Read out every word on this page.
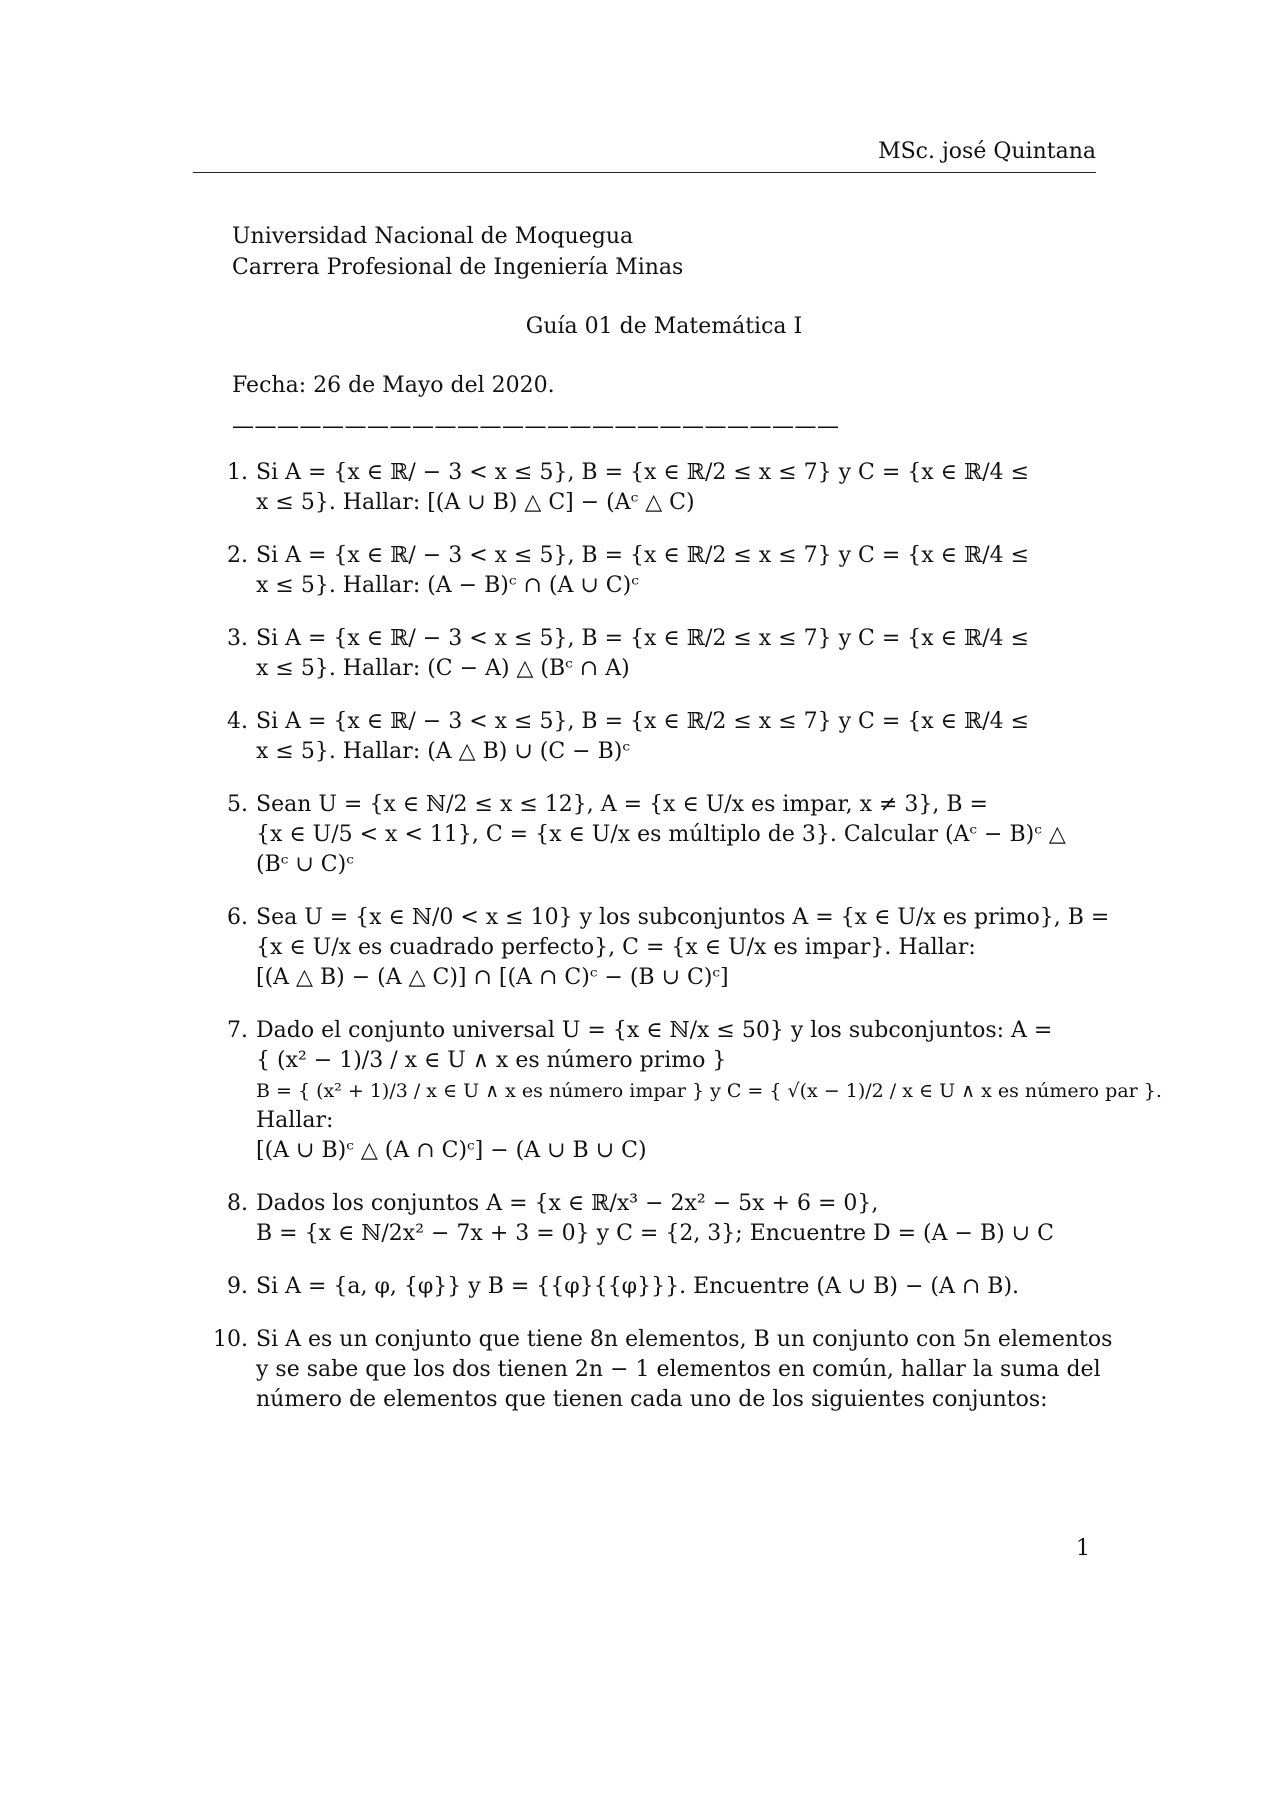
MSc. josé Quintana
Universidad Nacional de Moquegua
Carrera Profesional de Ingeniería Minas
Guía 01 de Matemática I
Fecha: 26 de Mayo del 2020.
———————————————————————————
1. Si A = {x ∈ ℝ/ − 3 < x ≤ 5}, B = {x ∈ ℝ/2 ≤ x ≤ 7} y C = {x ∈ ℝ/4 ≤
x ≤ 5}. Hallar: [(A ∪ B) △ C] − (Aᶜ △ C)
2. Si A = {x ∈ ℝ/ − 3 < x ≤ 5}, B = {x ∈ ℝ/2 ≤ x ≤ 7} y C = {x ∈ ℝ/4 ≤
x ≤ 5}. Hallar: (A − B)ᶜ ∩ (A ∪ C)ᶜ
3. Si A = {x ∈ ℝ/ − 3 < x ≤ 5}, B = {x ∈ ℝ/2 ≤ x ≤ 7} y C = {x ∈ ℝ/4 ≤
x ≤ 5}. Hallar: (C − A) △ (Bᶜ ∩ A)
4. Si A = {x ∈ ℝ/ − 3 < x ≤ 5}, B = {x ∈ ℝ/2 ≤ x ≤ 7} y C = {x ∈ ℝ/4 ≤
x ≤ 5}. Hallar: (A △ B) ∪ (C − B)ᶜ
5. Sean U = {x ∈ ℕ/2 ≤ x ≤ 12}, A = {x ∈ U/x es impar, x ≠ 3}, B =
{x ∈ U/5 < x < 11}, C = {x ∈ U/x es múltiplo de 3}. Calcular (Aᶜ − B)ᶜ △
(Bᶜ ∪ C)ᶜ
6. Sea U = {x ∈ ℕ/0 < x ≤ 10} y los subconjuntos A = {x ∈ U/x es primo}, B =
{x ∈ U/x es cuadrado perfecto}, C = {x ∈ U/x es impar}. Hallar:
[(A △ B) − (A △ C)] ∩ [(A ∩ C)ᶜ − (B ∪ C)ᶜ]
7. Dado el conjunto universal U = {x ∈ ℕ/x ≤ 50} y los subconjuntos: A =
{ (x² − 1)/3 / x ∈ U ∧ x es número primo }
B = { (x² + 1)/3 / x ∈ U ∧ x es número impar } y C = { √(x − 1)/2 / x ∈ U ∧ x es número par }.
Hallar:
[(A ∪ B)ᶜ △ (A ∩ C)ᶜ] − (A ∪ B ∪ C)
8. Dados los conjuntos A = {x ∈ ℝ/x³ − 2x² − 5x + 6 = 0},
B = {x ∈ ℕ/2x² − 7x + 3 = 0} y C = {2, 3}; Encuentre D = (A − B) ∪ C
9. Si A = {a, φ, {φ}} y B = {{φ}{{φ}}}. Encuentre (A ∪ B) − (A ∩ B).
10. Si A es un conjunto que tiene 8n elementos, B un conjunto con 5n elementos
y se sabe que los dos tienen 2n − 1 elementos en común, hallar la suma del
número de elementos que tienen cada uno de los siguientes conjuntos:
1
